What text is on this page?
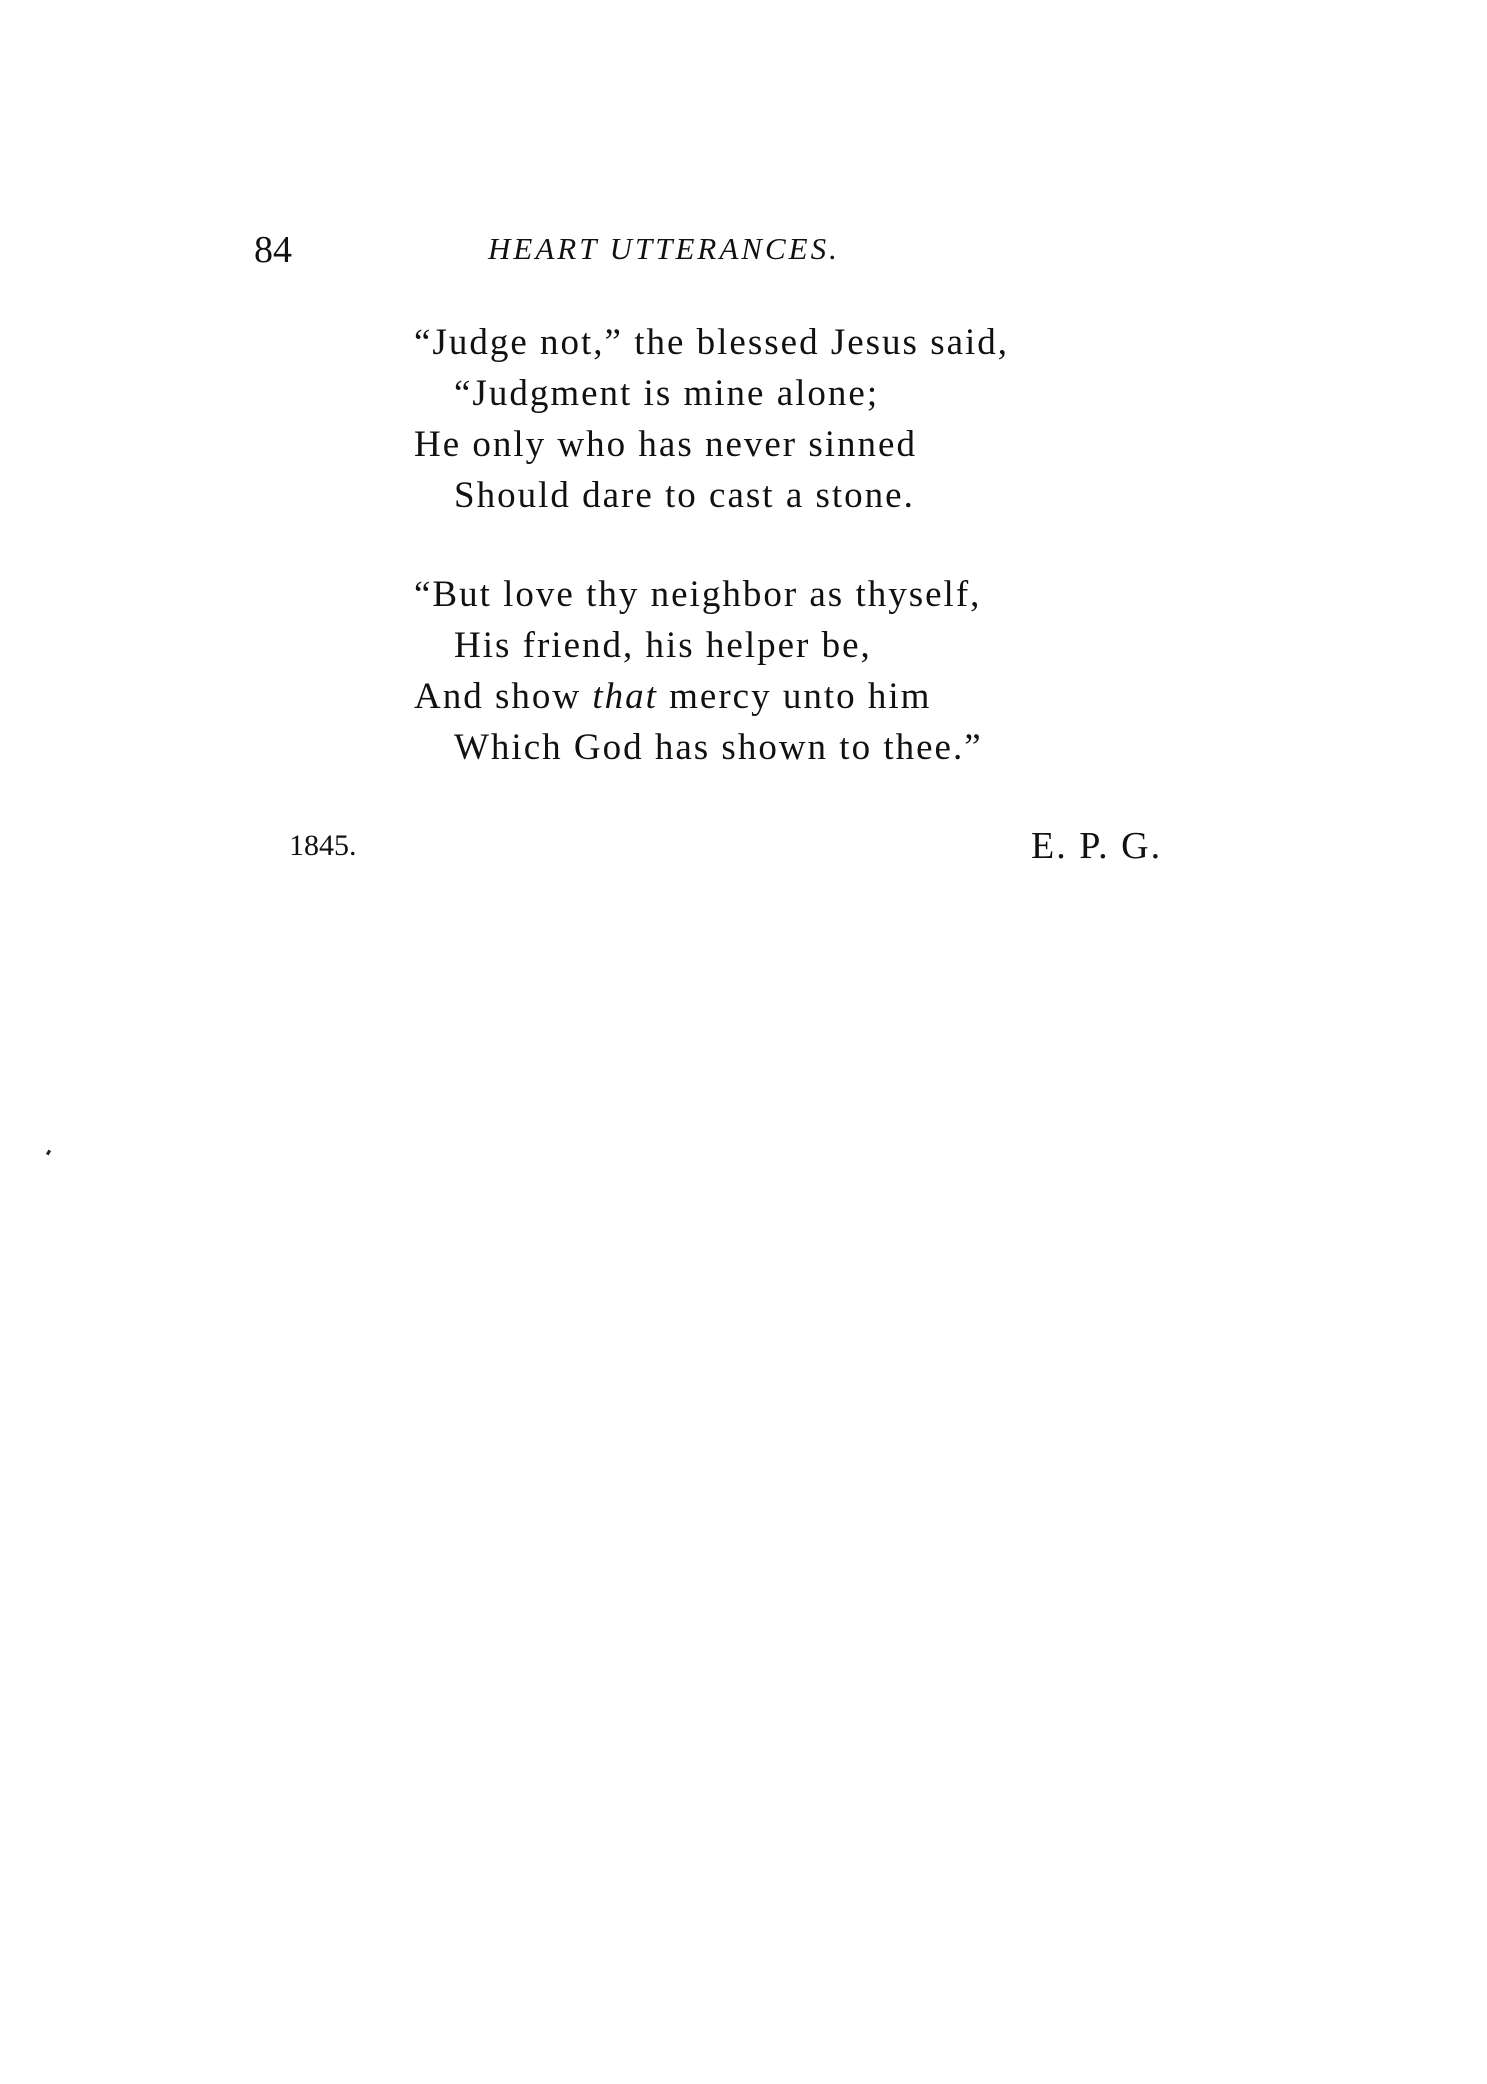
84	HEART UTTERANCES.
“Judge not,” the blessed Jesus said,
“Judgment is mine alone;
He only who has never sinned
Should dare to cast a stone.
“But love thy neighbor as thyself,
His friend, his helper be,
And show that mercy unto him
Which God has shown to thee.”
1845.	E. P. G.
